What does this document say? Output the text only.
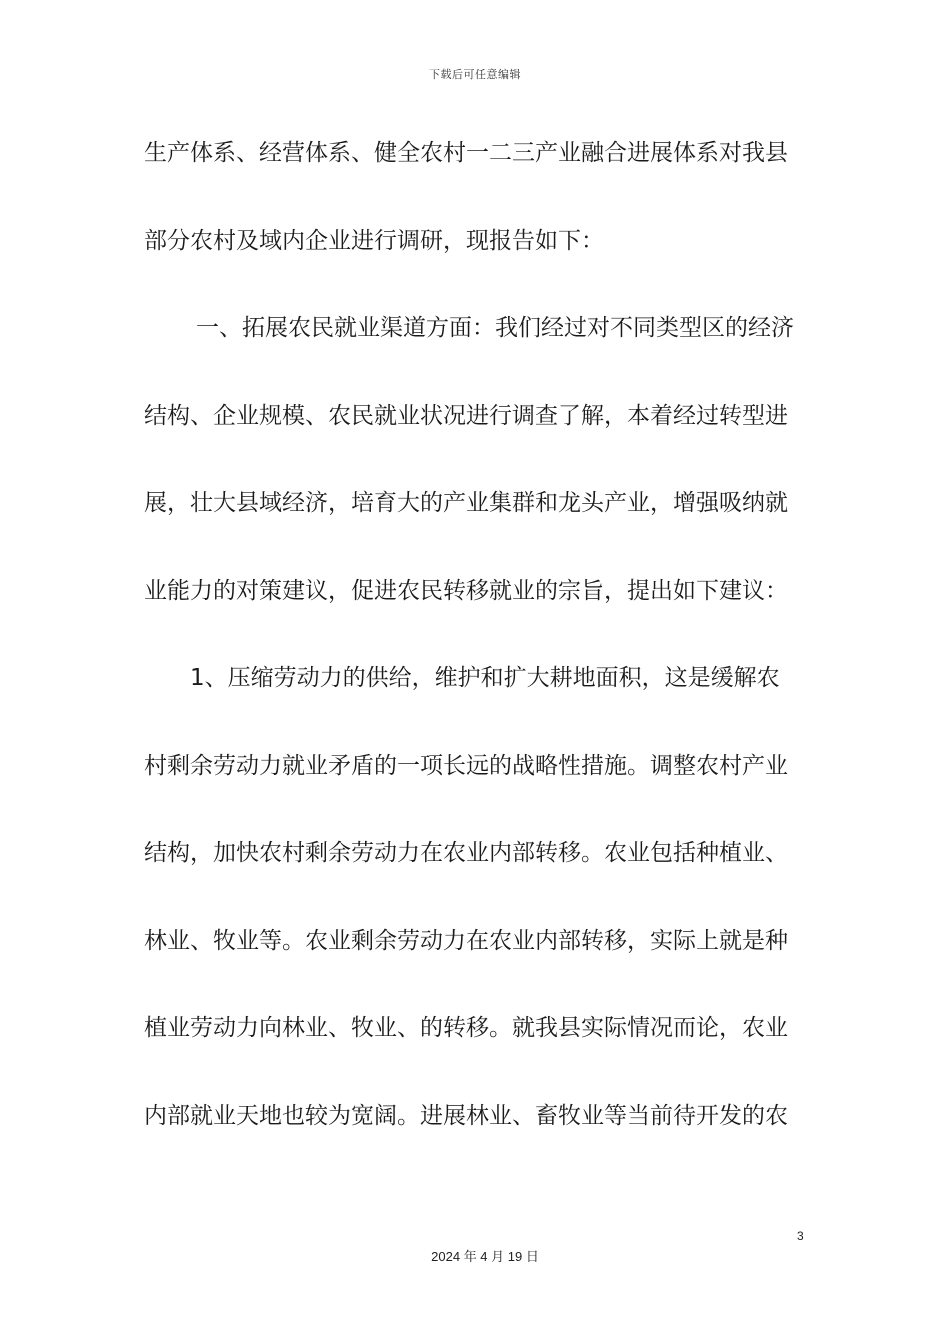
下载后可任意编辑
生产体系、经营体系、健全农村一二三产业融合进展体系对我县
部分农村及域内企业进行调研，现报告如下：
一、拓展农民就业渠道方面：我们经过对不同类型区的经济
结构、企业规模、农民就业状况进行调查了解，本着经过转型进
展，壮大县域经济，培育大的产业集群和龙头产业，增强吸纳就
业能力的对策建议，促进农民转移就业的宗旨，提出如下建议：
1、压缩劳动力的供给，维护和扩大耕地面积，这是缓解农
村剩余劳动力就业矛盾的一项长远的战略性措施。调整农村产业
结构，加快农村剩余劳动力在农业内部转移。农业包括种植业、
林业、牧业等。农业剩余劳动力在农业内部转移，实际上就是种
植业劳动力向林业、牧业、的转移。就我县实际情况而论，农业
内部就业天地也较为宽阔。进展林业、畜牧业等当前待开发的农
3
2024 年 4 月 19 日
